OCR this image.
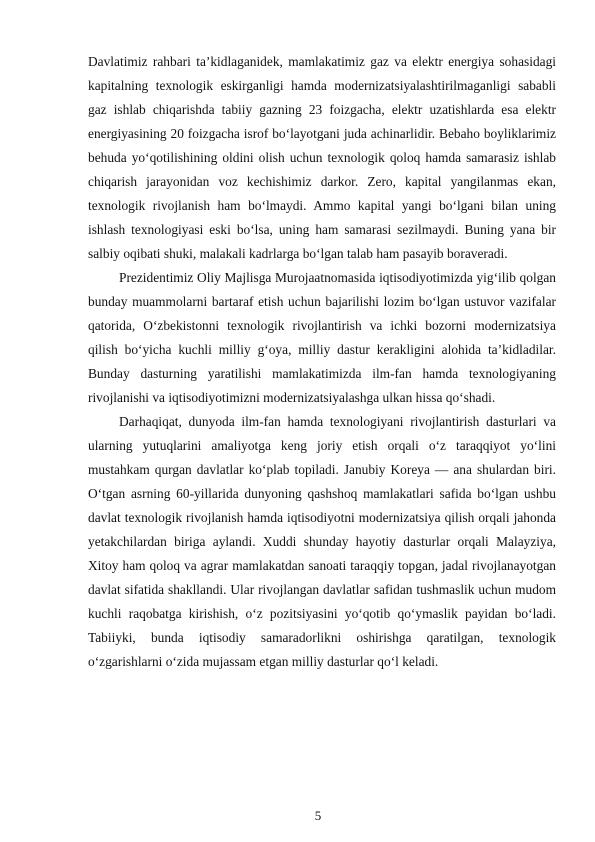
Davlatimiz rahbari ta’kidlaganidek, mamlakatimiz gaz va elektr energiya sohasidagi kapitalning texnologik eskirganligi hamda modernizatsiyalashtirilmaganligi sababli gaz ishlab chiqarishda tabiiy gazning 23 foizgacha, elektr uzatishlarda esa elektr energiyasining 20 foizgacha isrof bo‘layotgani juda achinarlidir. Bebaho boyliklarimiz behuda yo‘qotilishining oldini olish uchun texnologik qoloq hamda samarasiz ishlab chiqarish jarayonidan voz kechishimiz darkor. Zero, kapital yangilanmas ekan, texnologik rivojlanish ham bo‘lmaydi. Ammo kapital yangi bo‘lgani bilan uning ishlash texnologiyasi eski bo‘lsa, uning ham samarasi sezilmaydi. Buning yana bir salbiy oqibati shuki, malakali kadrlarga bo‘lgan talab ham pasayib boraveradi.

Prezidentimiz Oliy Majlisga Murojaatnomasida iqtisodiyotimizda yig‘ilib qolgan bunday muammolarni bartaraf etish uchun bajarilishi lozim bo‘lgan ustuvor vazifalar qatorida, O‘zbekistonni texnologik rivojlantirish va ichki bozorni modernizatsiya qilish bo‘yicha kuchli milliy g‘oya, milliy dastur kerakligini alohida ta’kidladilar. Bunday dasturning yaratilishi mamlakatimizda ilm-fan hamda texnologiyaning rivojlanishi va iqtisodiyotimizni modernizatsiyalashga ulkan hissa qo‘shadi.

Darhaqiqat, dunyoda ilm-fan hamda texnologiyani rivojlantirish dasturlari va ularning yutuqlarini amaliyotga keng joriy etish orqali o‘z taraqqiyot yo‘lini mustahkam qurgan davlatlar ko‘plab topiladi. Janubiy Koreya — ana shulardan biri. O‘tgan asrning 60-yillarida dunyoning qashshoq mamlakatlari safida bo‘lgan ushbu davlat texnologik rivojlanish hamda iqtisodiyotni modernizatsiya qilish orqali jahonda yetakchilardan biriga aylandi. Xuddi shunday hayotiy dasturlar orqali Malayziya, Xitoy ham qoloq va agrar mamlakatdan sanoati taraqqiy topgan, jadal rivojlanayotgan davlat sifatida shakllandi. Ular rivojlangan davlatlar safidan tushmaslik uchun mudom kuchli raqobatga kirishish, o‘z pozitsiyasini yo‘qotib qo‘ymaslik payidan bo‘ladi. Tabiiyki, bunda iqtisodiy samaradorlikni oshirishga qaratilgan, texnologik o‘zgarishlarni o‘zida mujassam etgan milliy dasturlar qo‘l keladi.

5
